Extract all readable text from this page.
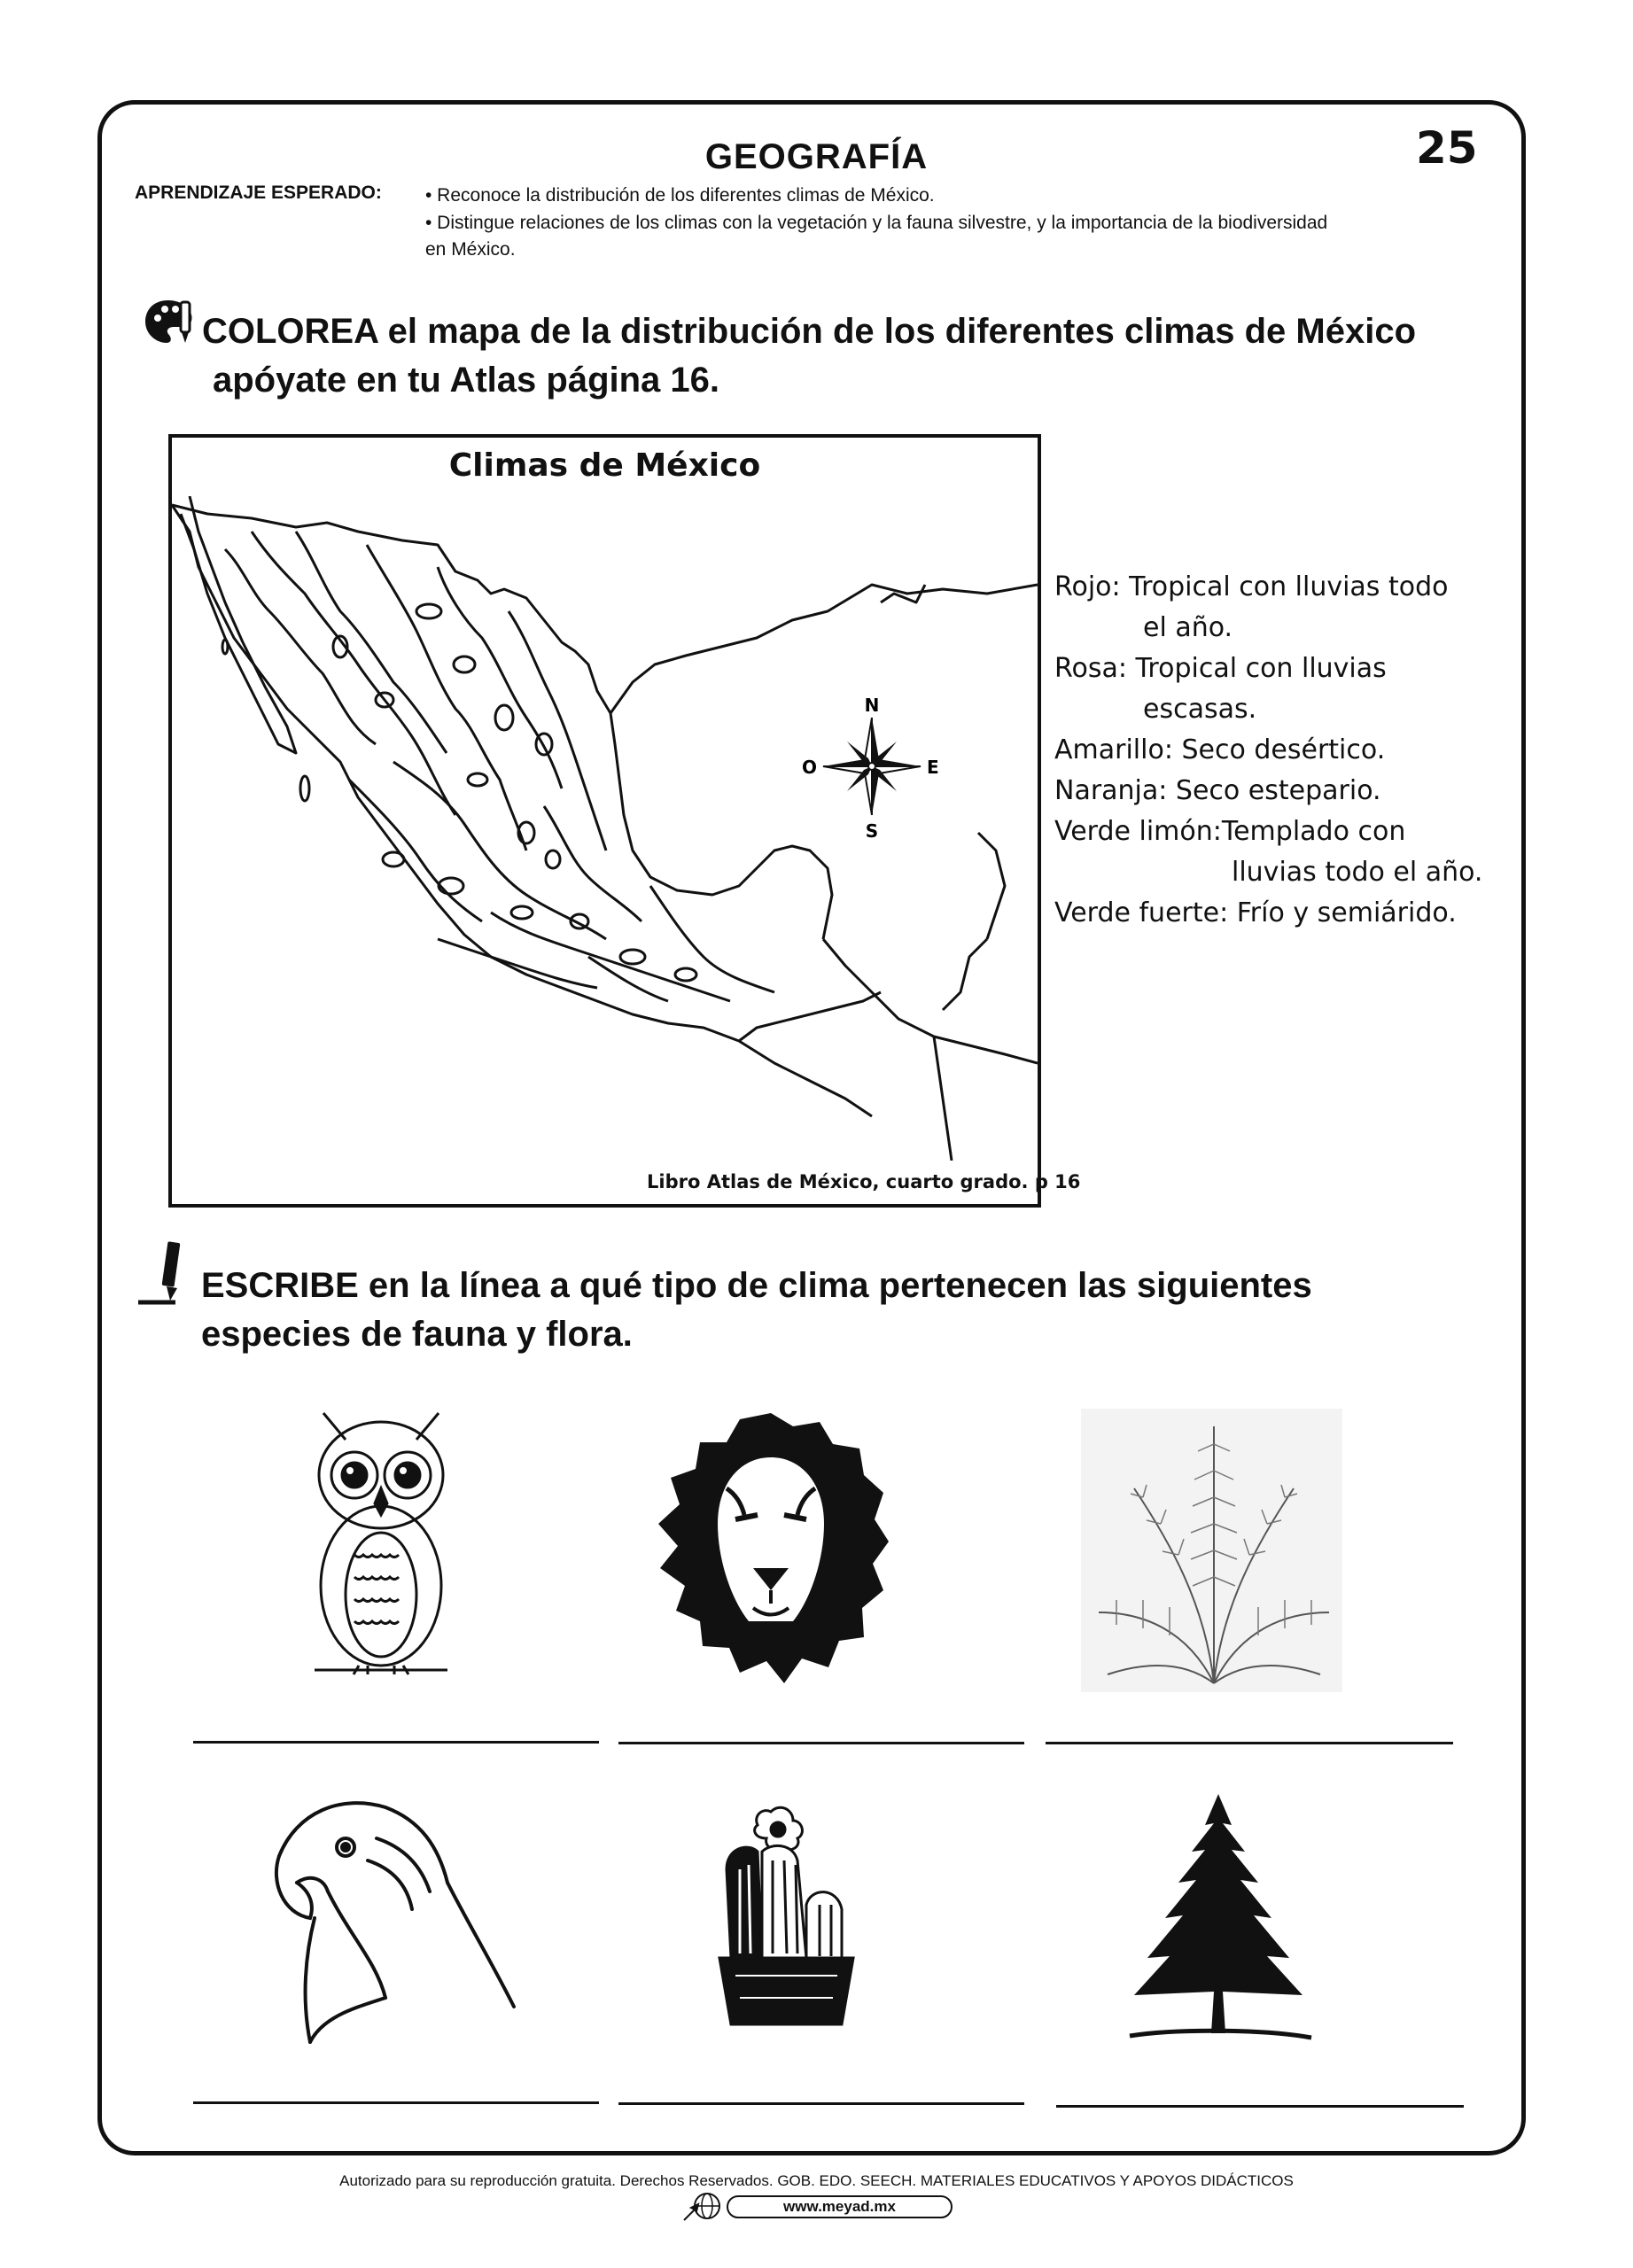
GEOGRAFÍA	25
APRENDIZAJE ESPERADO: • Reconoce la distribución de los diferentes climas de México.
• Distingue relaciones de los climas con la vegetación y la fauna silvestre, y la importancia de la biodiversidad en México.
COLOREA el mapa de la distribución de los diferentes climas de México
apóyate en tu Atlas página 16.
Climas de México
N
S
E
O
Libro Atlas de México, cuarto grado. p 16
Rojo: Tropical con lluvias todo
el año.
Rosa: Tropical con lluvias
escasas.
Amarillo: Seco desértico.
Naranja: Seco estepario.
Verde limón:Templado con
lluvias todo el año.
Verde fuerte: Frío y semiárido.
ESCRIBE en la línea a qué tipo de clima pertenecen las siguientes
especies de fauna y flora.
Autorizado para su reproducción gratuita. Derechos Reservados. GOB. EDO. SEECH. MATERIALES EDUCATIVOS Y APOYOS DIDÁCTICOS
www.meyad.mx
